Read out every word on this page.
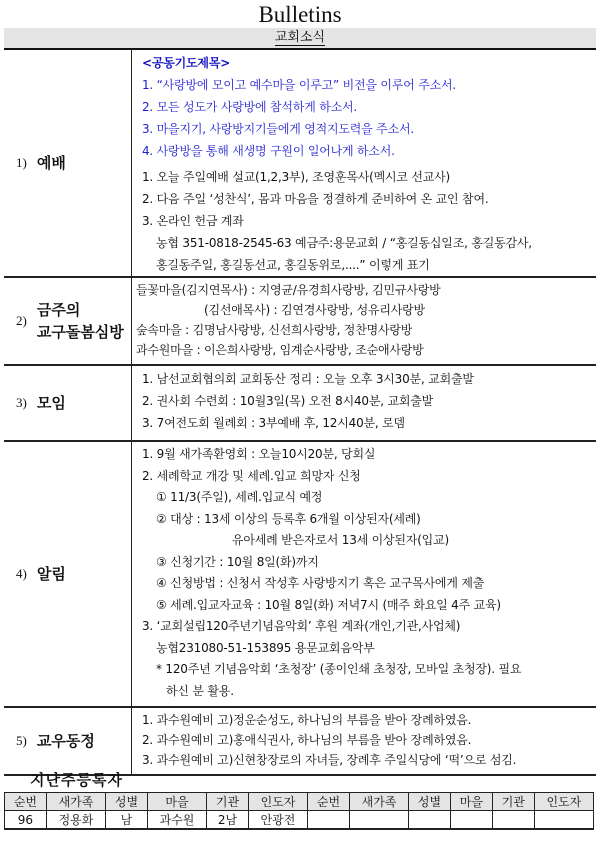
Bulletins
교회소식
1) 예배
<공동기도제목>
1. “사랑방에 모이고 예수마을 이루고” 비전을 이루어 주소서.
2. 모든 성도가 사랑방에 참석하게 하소서.
3. 마을지기, 사랑방지기들에게 영적지도력을 주소서.
4. 사랑방을 통해 새생명 구원이 일어나게 하소서.
1. 오늘 주일예배 설교(1,2,3부), 조영훈목사(멕시코 선교사)
2. 다음 주일 ‘성찬식’, 몸과 마음을 정결하게 준비하여 온 교인 참여.
3. 온라인 헌금 계좌
농협 351-0818-2545-63 예금주:용문교회 / “홍길동십일조, 홍길동감사,
홍길동주일, 홍길동선교, 홍길동위로,....” 이렇게 표기
2)
금주의
교구돌봄심방
들꽃마을(김지연목사) : 지영균/유경희사랑방, 김민규사랑방
(김선애목사) : 김연경사랑방, 성유리사랑방
숲속마을 : 김명남사랑방, 신선희사랑방, 정찬명사랑방
과수원마을 : 이은희사랑방, 임계순사랑방, 조순애사랑방
3) 모임
1. 남선교회협의회 교회동산 정리 : 오늘 오후 3시30분, 교회출발
2. 권사회 수련회 : 10월3일(목) 오전 8시40분, 교회출발
3. 7여전도회 월례회 : 3부예배 후, 12시40분, 로뎀
4) 알림
1. 9월 새가족환영회 : 오늘10시20분, 당회실
2. 세례학교 개강 및 세례.입교 희망자 신청
① 11/3(주일), 세례.입교식 예정
② 대상 : 13세 이상의 등록후 6개월 이상된자(세례)
유아세례 받은자로서 13세 이상된자(입교)
③ 신청기간 : 10월 8일(화)까지
④ 신청방법 : 신청서 작성후 사랑방지기 혹은 교구목사에게 제출
⑤ 세례.입교자교육 : 10월 8일(화) 저녁7시 (매주 화요일 4주 교육)
3. ‘교회설립120주년기념음악회’ 후원 계좌(개인,기관,사업체)
농협231080-51-153895 용문교회음악부
* 120주년 기념음악회 ‘초청장’ (종이인쇄 초청장, 모바일 초청장). 필요
하신 분 활용.
5) 교우동정
1. 과수원예비 고)정운순성도, 하나님의 부름을 받아 장례하였음.
2. 과수원예비 고)홍애식권사, 하나님의 부름을 받아 장례하였음.
3. 과수원예비 고)신현창장로의 자녀들, 장례후 주일식당에 ‘떡’으로 섬김.
지난주등록자
순번	새가족	성별	마을	기관	인도자	순번	새가족	성별	마을	기관	인도자
96	정용화	남	과수원	2남	안광전						
